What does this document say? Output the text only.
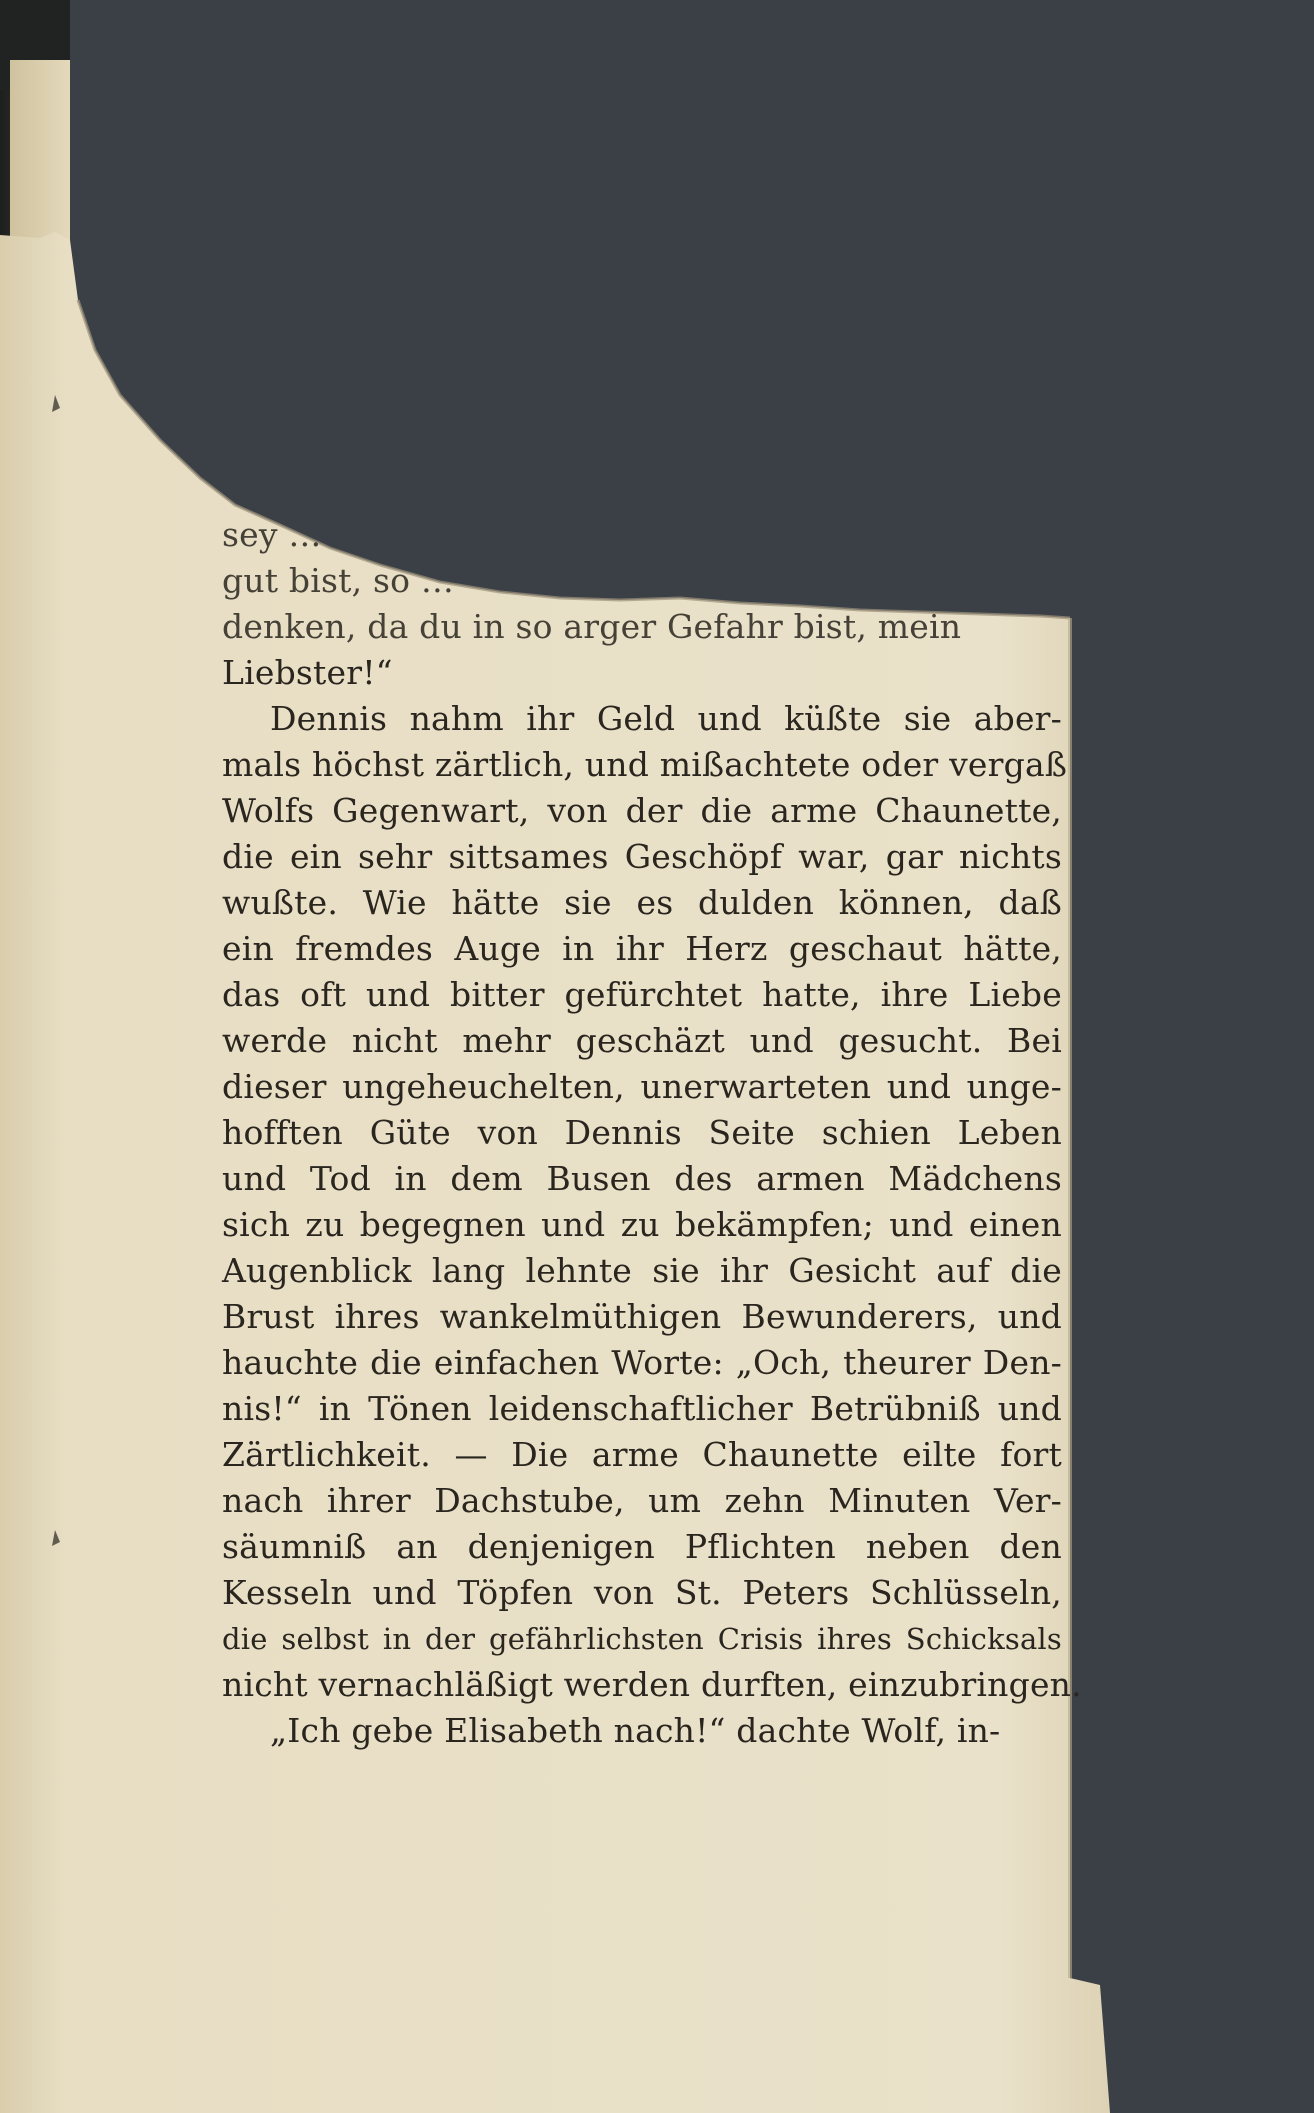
sey …
gut bist, so …
denken, da du in so arger Gefahr bist, mein
Liebster!“
Dennis nahm ihr Geld und küßte sie aber-
mals höchst zärtlich, und mißachtete oder vergaß
Wolfs Gegenwart, von der die arme Chaunette,
die ein sehr sittsames Geschöpf war, gar nichts
wußte. Wie hätte sie es dulden können, daß
ein fremdes Auge in ihr Herz geschaut hätte,
das oft und bitter gefürchtet hatte, ihre Liebe
werde nicht mehr geschäzt und gesucht. Bei
dieser ungeheuchelten, unerwarteten und unge-
hofften Güte von Dennis Seite schien Leben
und Tod in dem Busen des armen Mädchens
sich zu begegnen und zu bekämpfen; und einen
Augenblick lang lehnte sie ihr Gesicht auf die
Brust ihres wankelmüthigen Bewunderers, und
hauchte die einfachen Worte: „Och, theurer Den-
nis!“ in Tönen leidenschaftlicher Betrübniß und
Zärtlichkeit. — Die arme Chaunette eilte fort
nach ihrer Dachstube, um zehn Minuten Ver-
säumniß an denjenigen Pflichten neben den
Kesseln und Töpfen von St. Peters Schlüsseln,
die selbst in der gefährlichsten Crisis ihres Schicksals
nicht vernachläßigt werden durften, einzubringen.
„Ich gebe Elisabeth nach!“ dachte Wolf, in-
